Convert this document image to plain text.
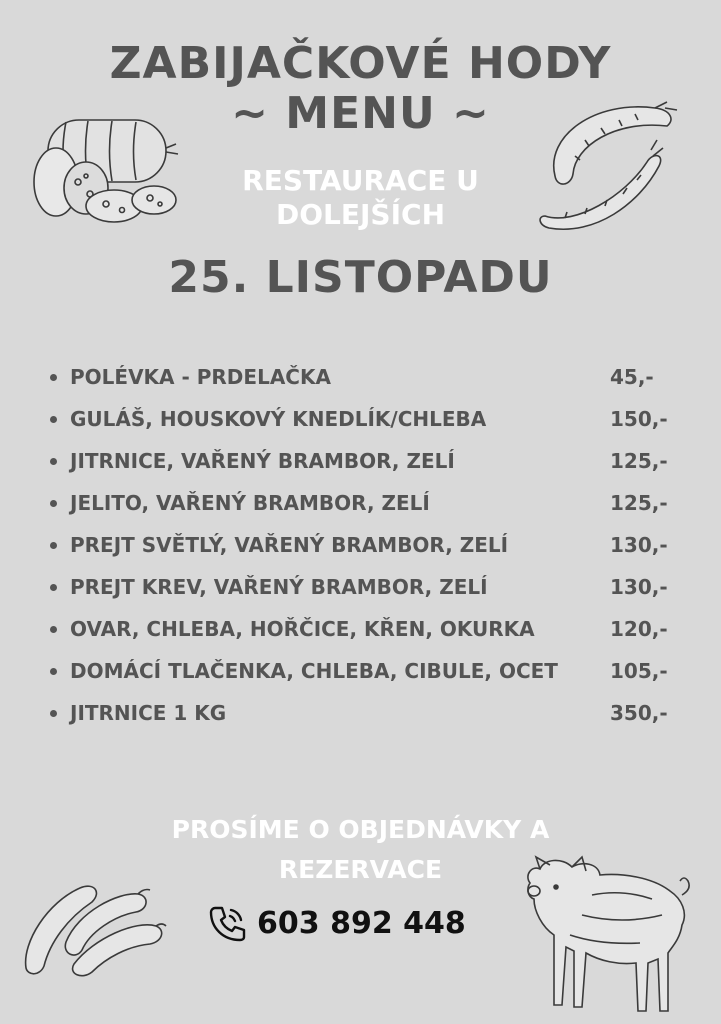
ZABIJAČKOVÉ HODY
~ MENU ~
RESTAURACE U
DOLEJŠÍCH
25. LISTOPADU
POLÉVKA - PRDELAČKA	45,-
GULÁŠ, HOUSKOVÝ KNEDLÍK/CHLEBA	150,-
JITRNICE, VAŘENÝ BRAMBOR, ZELÍ	125,-
JELITO, VAŘENÝ BRAMBOR, ZELÍ	125,-
PREJT SVĚTLÝ, VAŘENÝ BRAMBOR, ZELÍ	130,-
PREJT KREV, VAŘENÝ BRAMBOR, ZELÍ	130,-
OVAR, CHLEBA, HOŘČICE, KŘEN, OKURKA	120,-
DOMÁCÍ TLAČENKA, CHLEBA, CIBULE, OCET	105,-
JITRNICE 1 KG	350,-
PROSÍME O OBJEDNÁVKY A
REZERVACE
603 892 448
